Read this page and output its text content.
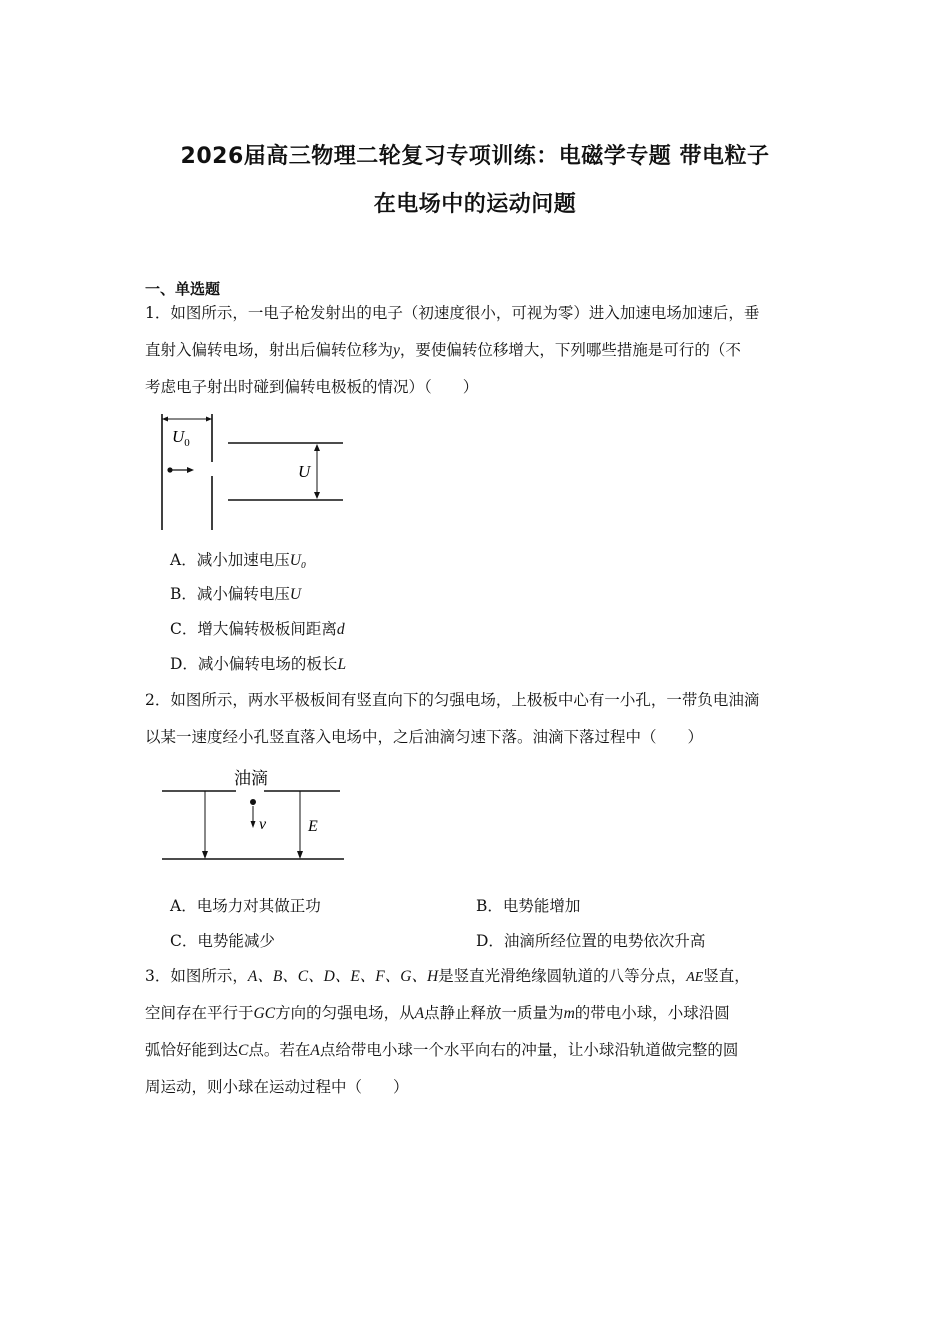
2026届高三物理二轮复习专项训练：电磁学专题 带电粒子
在电场中的运动问题
一、单选题
1．如图所示，一电子枪发射出的电子（初速度很小，可视为零）进入加速电场加速后，垂
直射入偏转电场，射出后偏转位移为y，要使偏转位移增大，下列哪些措施是可行的（不
考虑电子射出时碰到偏转电极板的情况）（　　）
$U_0$
U
A．减小加速电压U₀
B．减小偏转电压U
C．增大偏转极板间距离d
D．减小偏转电场的板长L
2．如图所示，两水平极板间有竖直向下的匀强电场，上极板中心有一小孔，一带负电油滴
以某一速度经小孔竖直落入电场中，之后油滴匀速下落。油滴下落过程中（　　）
油滴
v	E
A．电场力对其做正功	B．电势能增加
C．电势能减少	D．油滴所经位置的电势依次升高
3．如图所示，A、B、C、D、E、F、G、H是竖直光滑绝缘圆轨道的八等分点，AE竖直，
空间存在平行于GC方向的匀强电场，从A点静止释放一质量为m的带电小球，小球沿圆
弧恰好能到达C点。若在A点给带电小球一个水平向右的冲量，让小球沿轨道做完整的圆
周运动，则小球在运动过程中（　　）
